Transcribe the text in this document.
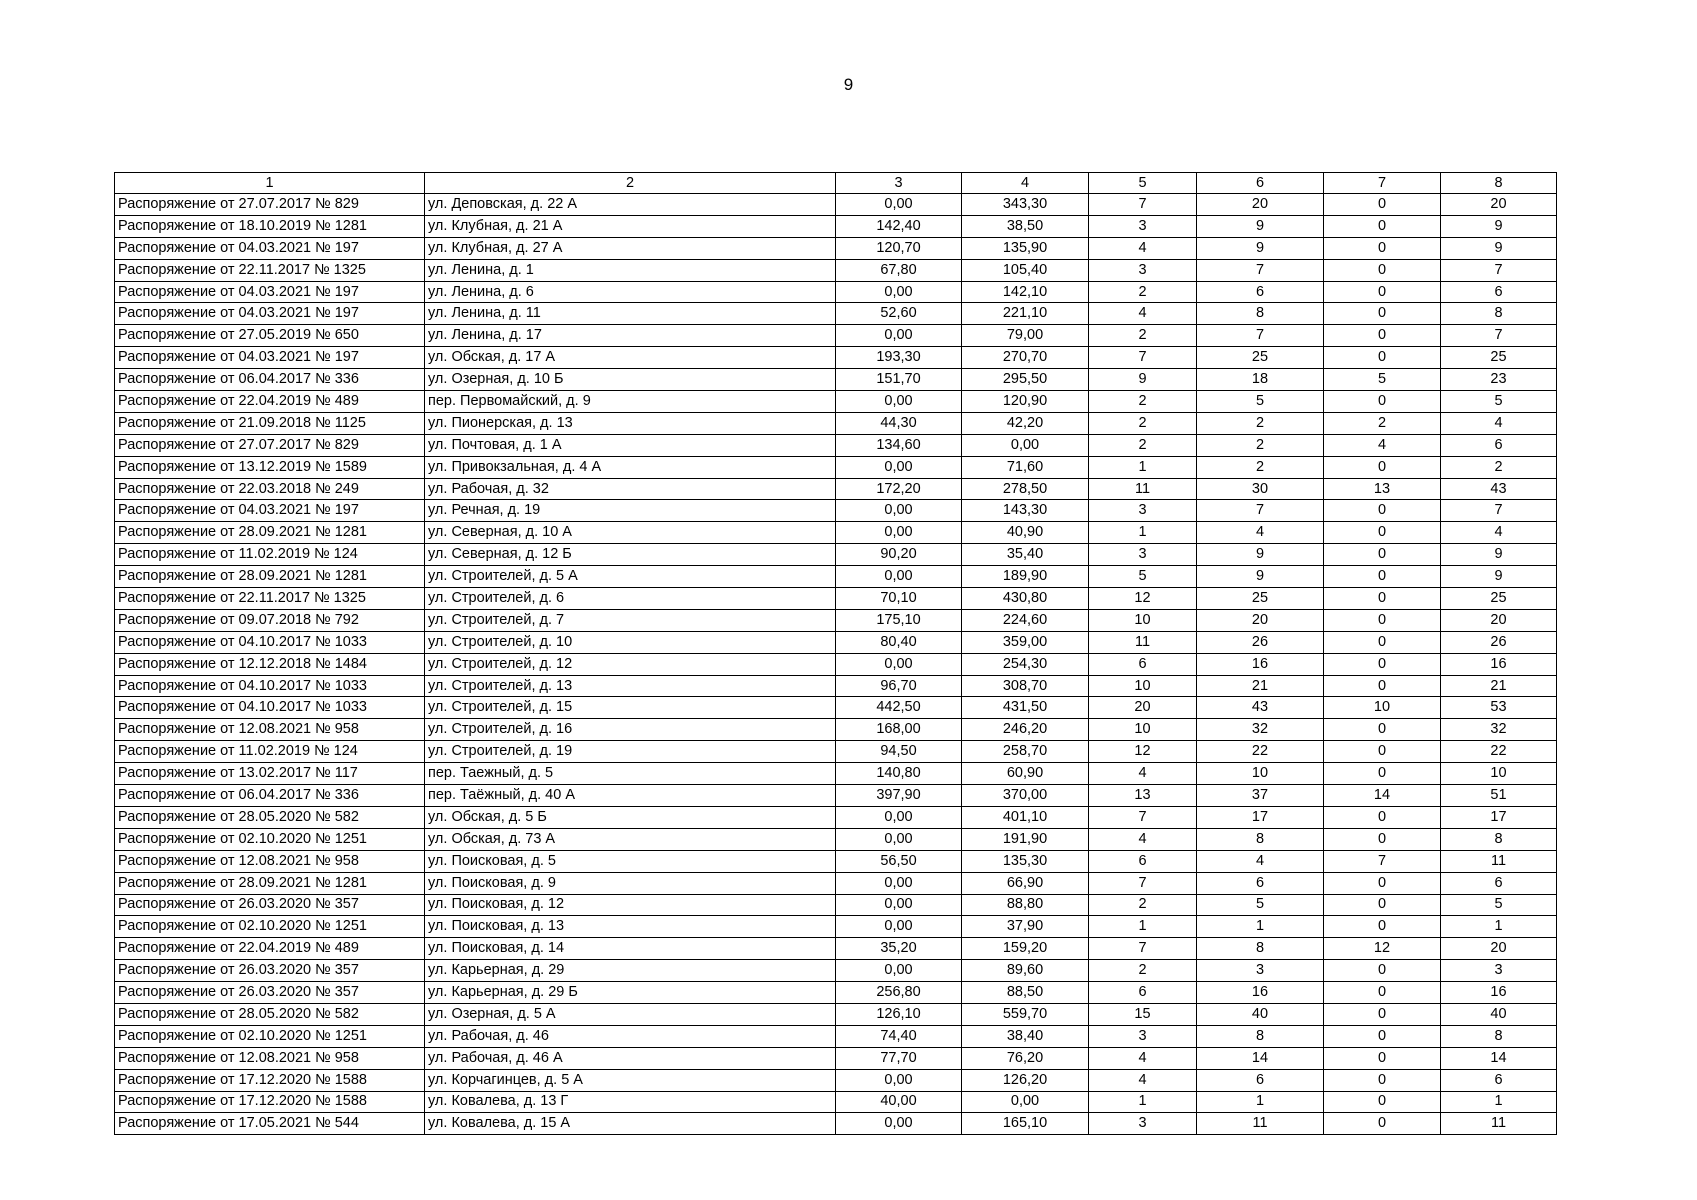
9
1	2	3	4	5	6	7	8
Распоряжение от 27.07.2017 № 829	ул. Деповская, д. 22 А	0,00	343,30	7	20	0	20
Распоряжение от 18.10.2019 № 1281	ул. Клубная, д. 21 А	142,40	38,50	3	9	0	9
Распоряжение от 04.03.2021 № 197	ул. Клубная, д. 27 А	120,70	135,90	4	9	0	9
Распоряжение от 22.11.2017 № 1325	ул. Ленина, д. 1	67,80	105,40	3	7	0	7
Распоряжение от 04.03.2021 № 197	ул. Ленина, д. 6	0,00	142,10	2	6	0	6
Распоряжение от 04.03.2021 № 197	ул. Ленина, д. 11	52,60	221,10	4	8	0	8
Распоряжение от 27.05.2019 № 650	ул. Ленина, д. 17	0,00	79,00	2	7	0	7
Распоряжение от 04.03.2021 № 197	ул. Обская, д. 17 А	193,30	270,70	7	25	0	25
Распоряжение от 06.04.2017 № 336	ул. Озерная, д. 10 Б	151,70	295,50	9	18	5	23
Распоряжение от 22.04.2019 № 489	пер. Первомайский, д. 9	0,00	120,90	2	5	0	5
Распоряжение от 21.09.2018 № 1125	ул. Пионерская, д. 13	44,30	42,20	2	2	2	4
Распоряжение от 27.07.2017 № 829	ул. Почтовая, д. 1 А	134,60	0,00	2	2	4	6
Распоряжение от 13.12.2019 № 1589	ул. Привокзальная, д. 4 А	0,00	71,60	1	2	0	2
Распоряжение от 22.03.2018 № 249	ул. Рабочая, д. 32	172,20	278,50	11	30	13	43
Распоряжение от 04.03.2021 № 197	ул. Речная, д. 19	0,00	143,30	3	7	0	7
Распоряжение от 28.09.2021 № 1281	ул. Северная, д. 10 А	0,00	40,90	1	4	0	4
Распоряжение от 11.02.2019 № 124	ул. Северная, д. 12 Б	90,20	35,40	3	9	0	9
Распоряжение от 28.09.2021 № 1281	ул. Строителей, д. 5 А	0,00	189,90	5	9	0	9
Распоряжение от 22.11.2017 № 1325	ул. Строителей, д. 6	70,10	430,80	12	25	0	25
Распоряжение от 09.07.2018 № 792	ул. Строителей, д. 7	175,10	224,60	10	20	0	20
Распоряжение от 04.10.2017 № 1033	ул. Строителей, д. 10	80,40	359,00	11	26	0	26
Распоряжение от 12.12.2018 № 1484	ул. Строителей, д. 12	0,00	254,30	6	16	0	16
Распоряжение от 04.10.2017 № 1033	ул. Строителей, д. 13	96,70	308,70	10	21	0	21
Распоряжение от 04.10.2017 № 1033	ул. Строителей, д. 15	442,50	431,50	20	43	10	53
Распоряжение от 12.08.2021 № 958	ул. Строителей, д. 16	168,00	246,20	10	32	0	32
Распоряжение от 11.02.2019 № 124	ул. Строителей, д. 19	94,50	258,70	12	22	0	22
Распоряжение от 13.02.2017 № 117	пер. Таежный, д. 5	140,80	60,90	4	10	0	10
Распоряжение от 06.04.2017 № 336	пер. Таёжный, д. 40 А	397,90	370,00	13	37	14	51
Распоряжение от 28.05.2020 № 582	ул. Обская, д. 5 Б	0,00	401,10	7	17	0	17
Распоряжение от 02.10.2020 № 1251	ул. Обская, д. 73 А	0,00	191,90	4	8	0	8
Распоряжение от 12.08.2021 № 958	ул. Поисковая, д. 5	56,50	135,30	6	4	7	11
Распоряжение от 28.09.2021 № 1281	ул. Поисковая, д. 9	0,00	66,90	7	6	0	6
Распоряжение от 26.03.2020 № 357	ул. Поисковая, д. 12	0,00	88,80	2	5	0	5
Распоряжение от 02.10.2020 № 1251	ул. Поисковая, д. 13	0,00	37,90	1	1	0	1
Распоряжение от 22.04.2019 № 489	ул. Поисковая, д. 14	35,20	159,20	7	8	12	20
Распоряжение от 26.03.2020 № 357	ул. Карьерная, д. 29	0,00	89,60	2	3	0	3
Распоряжение от 26.03.2020 № 357	ул. Карьерная, д. 29 Б	256,80	88,50	6	16	0	16
Распоряжение от 28.05.2020 № 582	ул. Озерная, д. 5 А	126,10	559,70	15	40	0	40
Распоряжение от 02.10.2020 № 1251	ул. Рабочая, д. 46	74,40	38,40	3	8	0	8
Распоряжение от 12.08.2021 № 958	ул. Рабочая, д. 46 А	77,70	76,20	4	14	0	14
Распоряжение от 17.12.2020 № 1588	ул. Корчагинцев, д. 5 А	0,00	126,20	4	6	0	6
Распоряжение от 17.12.2020 № 1588	ул. Ковалева, д. 13 Г	40,00	0,00	1	1	0	1
Распоряжение от 17.05.2021 № 544	ул. Ковалева, д. 15 А	0,00	165,10	3	11	0	11
